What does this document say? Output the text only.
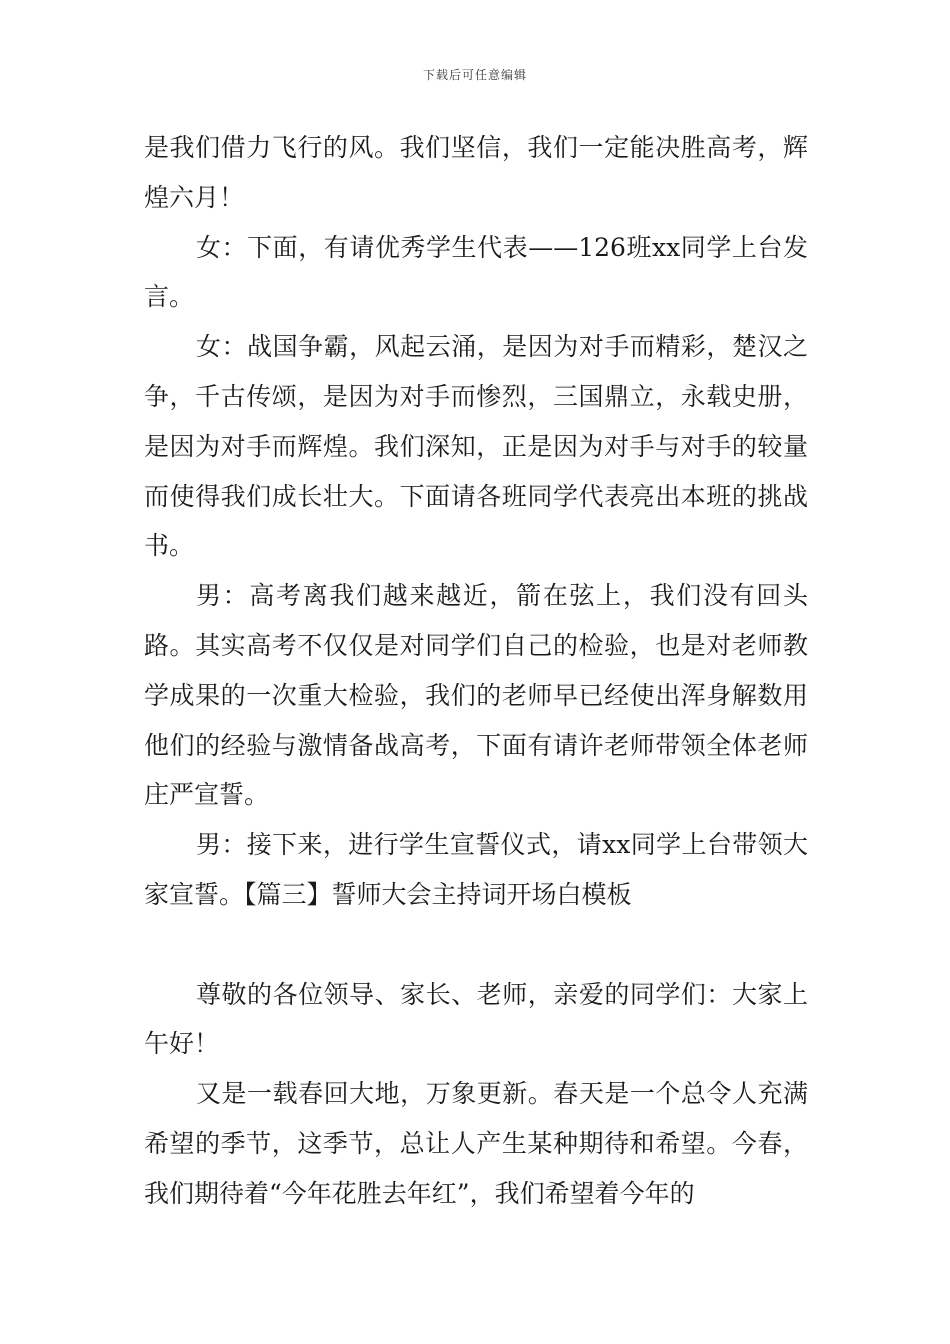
下载后可任意编辑

是我们借力飞行的风。我们坚信，我们一定能决胜高考，辉煌六月！

女：下面，有请优秀学生代表——126班xx同学上台发言。

女：战国争霸，风起云涌，是因为对手而精彩，楚汉之争，千古传颂，是因为对手而惨烈，三国鼎立，永载史册，是因为对手而辉煌。我们深知，正是因为对手与对手的较量而使得我们成长壮大。下面请各班同学代表亮出本班的挑战书。

男：高考离我们越来越近，箭在弦上，我们没有回头路。其实高考不仅仅是对同学们自己的检验，也是对老师教学成果的一次重大检验，我们的老师早已经使出浑身解数用他们的经验与激情备战高考，下面有请许老师带领全体老师庄严宣誓。

男：接下来，进行学生宣誓仪式，请xx同学上台带领大家宣誓。【篇三】誓师大会主持词开场白模板

尊敬的各位领导、家长、老师，亲爱的同学们：大家上午好！

又是一载春回大地，万象更新。春天是一个总令人充满希望的季节，这季节，总让人产生某种期待和希望。今春，我们期待着“今年花胜去年红”，我们希望着今年的
